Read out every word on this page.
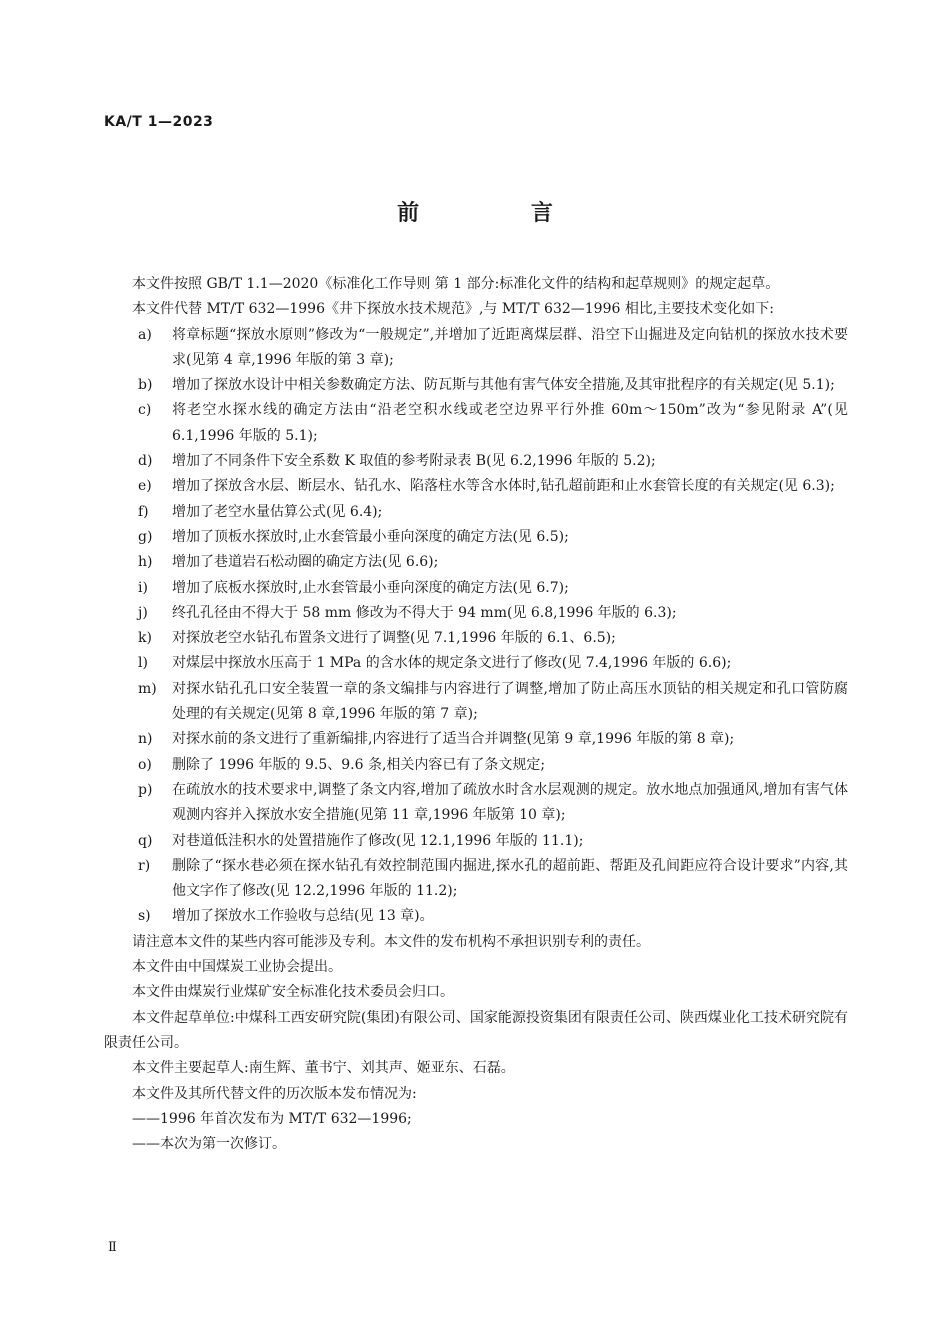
KA/T 1—2023
前 言

本文件按照 GB/T 1.1—2020《标准化工作导则 第 1 部分:标准化文件的结构和起草规则》的规定起草。

本文件代替 MT/T 632—1996《井下探放水技术规范》,与 MT/T 632—1996 相比,主要技术变化如下:

a)	将章标题“探放水原则”修改为“一般规定”,并增加了近距离煤层群、沿空下山掘进及定向钻机的探放水技术要求(见第 4 章,1996 年版的第 3 章);
b)	增加了探放水设计中相关参数确定方法、防瓦斯与其他有害气体安全措施,及其审批程序的有关规定(见 5.1);
c)	将老空水探水线的确定方法由“沿老空积水线或老空边界平行外推 60m～150m”改为“参见附录 A”(见 6.1,1996 年版的 5.1);
d)	增加了不同条件下安全系数 K 取值的参考附录表 B(见 6.2,1996 年版的 5.2);
e)	增加了探放含水层、断层水、钻孔水、陷落柱水等含水体时,钻孔超前距和止水套管长度的有关规定(见 6.3);
f)	增加了老空水量估算公式(见 6.4);
g)	增加了顶板水探放时,止水套管最小垂向深度的确定方法(见 6.5);
h)	增加了巷道岩石松动圈的确定方法(见 6.6);
i)	增加了底板水探放时,止水套管最小垂向深度的确定方法(见 6.7);
j)	终孔孔径由不得大于 58 mm 修改为不得大于 94 mm(见 6.8,1996 年版的 6.3);
k)	对探放老空水钻孔布置条文进行了调整(见 7.1,1996 年版的 6.1、6.5);
l)	对煤层中探放水压高于 1 MPa 的含水体的规定条文进行了修改(见 7.4,1996 年版的 6.6);
m)	对探水钻孔孔口安全装置一章的条文编排与内容进行了调整,增加了防止高压水顶钻的相关规定和孔口管防腐处理的有关规定(见第 8 章,1996 年版的第 7 章);
n)	对探水前的条文进行了重新编排,内容进行了适当合并调整(见第 9 章,1996 年版的第 8 章);
o)	删除了 1996 年版的 9.5、9.6 条,相关内容已有了条文规定;
p)	在疏放水的技术要求中,调整了条文内容,增加了疏放水时含水层观测的规定。放水地点加强通风,增加有害气体观测内容并入探放水安全措施(见第 11 章,1996 年版第 10 章);
q)	对巷道低洼积水的处置措施作了修改(见 12.1,1996 年版的 11.1);
r)	删除了“探水巷必须在探水钻孔有效控制范围内掘进,探水孔的超前距、帮距及孔间距应符合设计要求”内容,其他文字作了修改(见 12.2,1996 年版的 11.2);
s)	增加了探放水工作验收与总结(见 13 章)。

请注意本文件的某些内容可能涉及专利。本文件的发布机构不承担识别专利的责任。

本文件由中国煤炭工业协会提出。

本文件由煤炭行业煤矿安全标准化技术委员会归口。

本文件起草单位:中煤科工西安研究院(集团)有限公司、国家能源投资集团有限责任公司、陕西煤业化工技术研究院有限责任公司。

本文件主要起草人:南生辉、董书宁、刘其声、姬亚东、石磊。

本文件及其所代替文件的历次版本发布情况为:

——1996 年首次发布为 MT/T 632—1996;

——本次为第一次修订。

Ⅱ
